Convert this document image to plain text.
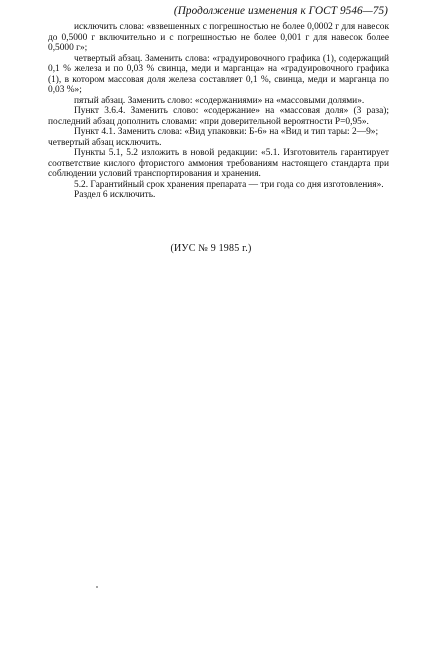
(Продолжение изменения к ГОСТ 9546—75)

исключить слова: «взвешенных с погрешностью не более 0,0002 г для навесок до 0,5000 г включительно и с погрешностью не более 0,001 г для навесок более 0,5000 г»;

четвертый абзац. Заменить слова: «градуировочного графика (1), содержащий 0,1 % железа и по 0,03 % свинца, меди и марганца» на «градуировочного графика (1), в котором массовая доля железа составляет 0,1 %, свинца, меди и марганца по 0,03 %»;

пятый абзац. Заменить слово: «содержаниями» на «массовыми долями».

Пункт 3.6.4. Заменить слово: «содержание» на «массовая доля» (3 раза); последний абзац дополнить словами: «при доверительной вероятности P=0,95».

Пункт 4.1. Заменить слова: «Вид упаковки: Б-6» на «Вид и тип тары: 2—9»;

четвертый абзац исключить.

Пункты 5.1, 5.2 изложить в новой редакции: «5.1. Изготовитель гарантирует соответствие кислого фтористого аммония требованиям настоящего стандарта при соблюдении условий транспортирования и хранения.

5.2. Гарантийный срок хранения препарата — три года со дня изготовления».

Раздел 6 исключить.

(ИУС № 9 1985 г.)
